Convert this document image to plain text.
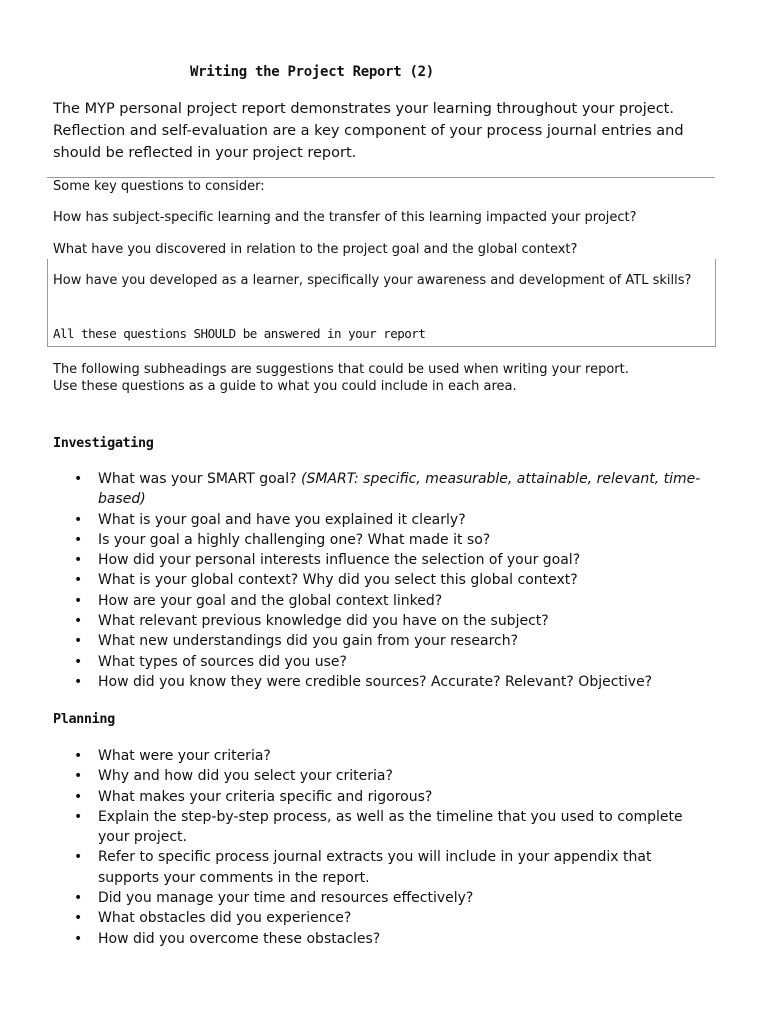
Writing the Project Report (2)

The MYP personal project report demonstrates your learning throughout your project.

Reflection and self-evaluation are a key component of your process journal entries and should be reflected in your project report.

Some key questions to consider:
How has subject-specific learning and the transfer of this learning impacted your project?
What have you discovered in relation to the project goal and the global context?
How have you developed as a learner, specifically your awareness and development of ATL skills?
All these questions SHOULD be answered in your report

The following subheadings are suggestions that could be used when writing your report.

Use these questions as a guide to what you could include in each area.

Investigating
• What was your SMART goal? (SMART: specific, measurable, attainable, relevant, time-based)
• What is your goal and have you explained it clearly?
• Is your goal a highly challenging one? What made it so?
• How did your personal interests influence the selection of your goal?
• What is your global context? Why did you select this global context?
• How are your goal and the global context linked?
• What relevant previous knowledge did you have on the subject?
• What new understandings did you gain from your research?
• What types of sources did you use?
• How did you know they were credible sources? Accurate? Relevant? Objective?
Planning
• What were your criteria?
• Why and how did you select your criteria?
• What makes your criteria specific and rigorous?
• Explain the step-by-step process, as well as the timeline that you used to complete your project.
• Refer to specific process journal extracts you will include in your appendix that supports your comments in the report.
• Did you manage your time and resources effectively?
• What obstacles did you experience?
• How did you overcome these obstacles?
